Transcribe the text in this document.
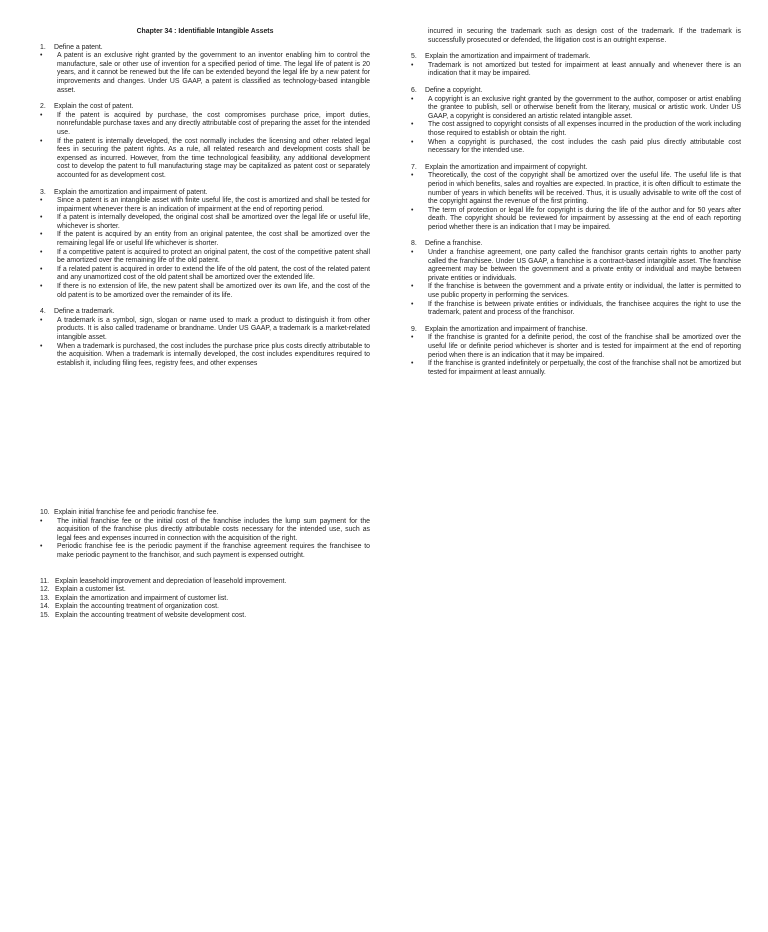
Chapter 34 : Identifiable Intangible Assets
1.	Define a patent.
• A patent is an exclusive right granted by the government to an inventor enabling him to control the manufacture, sale or other use of invention for a specified period of time. The legal life of patent is 20 years, and it cannot be renewed but the life can be extended beyond the legal life by a new patent for improvements and changes. Under US GAAP, a patent is classified as technology-based intangible asset.
2.	Explain the cost of patent.
• If the patent is acquired by purchase, the cost compromises purchase price, import duties, nonrefundable purchase taxes and any directly attributable cost of preparing the asset for the intended use.
• If the patent is internally developed, the cost normally includes the licensing and other related legal fees in securing the patent rights. As a rule, all related research and development costs shall be expensed as incurred. However, from the time technological feasibility, any additional development cost to develop the patent to full manufacturing stage may be capitalized as patent cost or separately accounted for as development cost.
3.	Explain the amortization and impairment of patent.
• Since a patent is an intangible asset with finite useful life, the cost is amortized and shall be tested for impairment whenever there is an indication of impairment at the end of reporting period.
• If a patent is internally developed, the original cost shall be amortized over the legal life or useful life, whichever is shorter.
• If the patent is acquired by an entity from an original patentee, the cost shall be amortized over the remaining legal life or useful life whichever is shorter.
• If a competitive patent is acquired to protect an original patent, the cost of the competitive patent shall be amortized over the remaining life of the old patent.
• If a related patent is acquired in order to extend the life of the old patent, the cost of the related patent and any unamortized cost of the old patent shall be amortized over the extended life.
• If there is no extension of life, the new patent shall be amortized over its own life, and the cost of the old patent is to be amortized over the remainder of its life.
4.	Define a trademark.
• A trademark is a symbol, sign, slogan or name used to mark a product to distinguish it from other products. It is also called tradename or brandname. Under US GAAP, a trademark is a market-related intangible asset.
• When a trademark is purchased, the cost includes the purchase price plus costs directly attributable to the acquisition. When a trademark is internally developed, the cost includes expenditures required to establish it, including filing fees, registry fees, and other expenses
incurred in securing the trademark such as design cost of the trademark. If the trademark is successfully prosecuted or defended, the litigation cost is an outright expense.
5.	Explain the amortization and impairment of trademark.
• Trademark is not amortized but tested for impairment at least annually and whenever there is an indication that it may be impaired.
6.	Define a copyright.
• A copyright is an exclusive right granted by the government to the author, composer or artist enabling the grantee to publish, sell or otherwise benefit from the literary, musical or artistic work. Under US GAAP, a copyright is considered an artistic related intangible asset.
• The cost assigned to copyright consists of all expenses incurred in the production of the work including those required to establish or obtain the right.
• When a copyright is purchased, the cost includes the cash paid plus directly attributable cost necessary for the intended use.
7.	Explain the amortization and impairment of copyright.
• Theoretically, the cost of the copyright shall be amortized over the useful life. The useful life is that period in which benefits, sales and royalties are expected. In practice, it is often difficult to estimate the number of years in which benefits will be received. Thus, it is usually advisable to write off the cost of the copyright against the revenue of the first printing.
• The term of protection or legal life for copyright is during the life of the author and for 50 years after death. The copyright should be reviewed for impairment by assessing at the end of each reporting period whether there is an indication that I may be impaired.
8.	Define a franchise.
• Under a franchise agreement, one party called the franchisor grants certain rights to another party called the franchisee. Under US GAAP, a franchise is a contract-based intangible asset. The franchise agreement may be between the government and a private entity or individual and maybe between private entities or individuals.
• If the franchise is between the government and a private entity or individual, the latter is permitted to use public property in performing the services.
• If the franchise is between private entities or individuals, the franchisee acquires the right to use the trademark, patent and process of the franchisor.
9.	Explain the amortization and impairment of franchise.
• If the franchise is granted for a definite period, the cost of the franchise shall be amortized over the useful life or definite period whichever is shorter and is tested for impairment at the end of reporting period when there is an indication that it may be impaired.
• If the franchise is granted indefinitely or perpetually, the cost of the franchise shall not be amortized but tested for impairment at least annually.
10. Explain initial franchise fee and periodic franchise fee.
• The initial franchise fee or the initial cost of the franchise includes the lump sum payment for the acquisition of the franchise plus directly attributable costs necessary for the intended use, such as legal fees and expenses incurred in connection with the acquisition of the right.
• Periodic franchise fee is the periodic payment if the franchise agreement requires the franchisee to make periodic payment to the franchisor, and such payment is expensed outright.
11. Explain leasehold improvement and depreciation of leasehold improvement.
12. Explain a customer list.
13. Explain the amortization and impairment of customer list.
14. Explain the accounting treatment of organization cost.
15. Explain the accounting treatment of website development cost.
